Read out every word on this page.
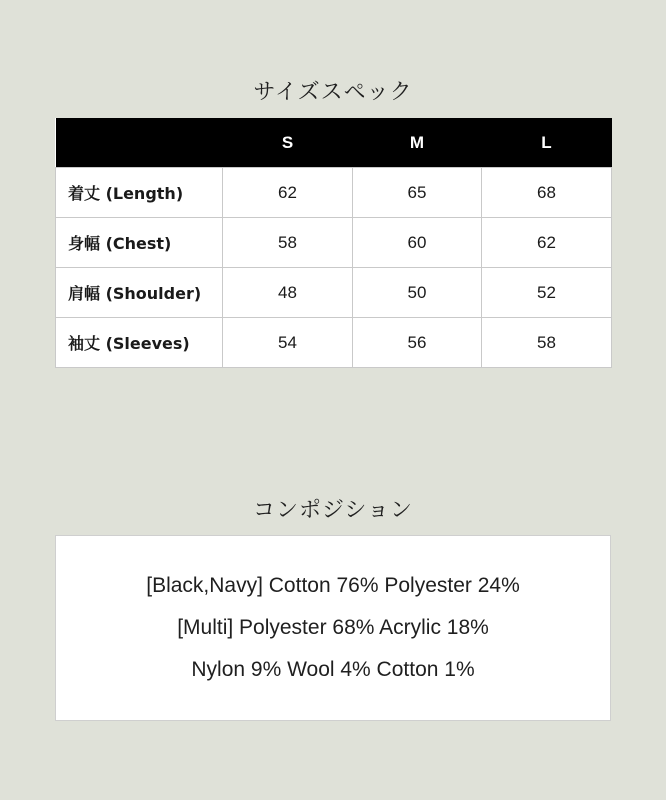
サイズスペック
	S	M	L
着丈 (Length)	62	65	68
身幅 (Chest)	58	60	62
肩幅 (Shoulder)	48	50	52
袖丈 (Sleeves)	54	56	58
コンポジション
[Black,Navy] Cotton 76% Polyester 24%
[Multi] Polyester 68% Acrylic 18%
Nylon 9% Wool 4% Cotton 1%
